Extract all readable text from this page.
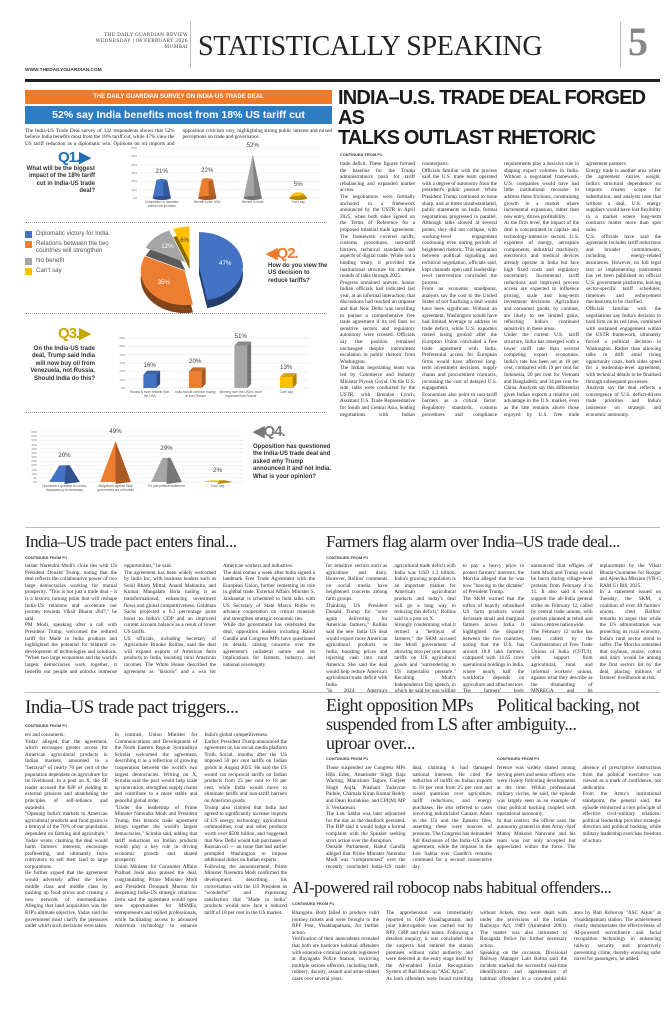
THE DAILY GUARDIAN REVIEW
WEDNESDAY | 04 FEBRUARY 2026
MUMBAI
WWW.THEDAILYGUARDIAN.COM
STATISTICALLY SPEAKING 5
THE DAILY GUARDIAN SURVEY ON INDIA-US TRADE DEAL
52% say India benefits most from 18% US tariff cut
The India-US Trade Deal survey of 132 respondents shows that 52% believe India benefits most from the 18% tariff cut, while 47% view the US tariff reduction as a diplomatic win. Opinions on oil imports and opposition criticism vary, highlighting strong public interest and mixed perceptions on trade and governance.
Q1.▶
What will be the biggest impact of the 18% tariff cut in India-US trade deal?
0%
10%
20%
30%
40%
50%
60%
21%
Competition in domestic market will increase
22%
Benefit to the USA
52%
Benefit to India
5%
Can't say
Diplomatic victory for India
Relations between the two countries will strengthen
No benefit
Can't say
47%
35%
12%
6%
◀Q2.
How do you view the US decision to reduce tariffs?
Q3.▶
On the India-US trade deal, Trump said India will now buy oil from Venezuela, not Russia. Should India do this?
0%
10%
20%
30%
40%
50%
60%
16%
Russia is more reliable than the USA
20%
India should continue buying oil from Russia
51%
Winning over the USA is more important than Russia
13%
Can't say
0%
5%
10%
15%
20%
25%
30%
35%
40%
45%
50%
55%
60%
20%
Opposition's question is correct, transparency is necessary
49%
Allegations against Modi government are old habits
29%
It's just political statement
2%
Can't say
◀Q4.
Opposition has questioned the India-US trade deal and asked why Trump announced it and not India. What is your opinion?
INDIA–U.S. TRADE DEAL FORGED AS
TALKS OUTLAST RHETORIC
CONTINUED FROM P1
trade deficit. These figures formed the baseline for the Trump administration's push for tariff rebalancing and expanded market access.
The negotiations were formally anchored in a framework announced by the USTR in April 2025, when both sides agreed on the Terms of Reference for a proposed bilateral trade agreement. The framework covered tariffs, customs procedures, non-tariff barriers, technical standards and aspects of digital trade. While not a binding treaty, it provided the institutional structure for multiple rounds of talks through 2025.
Progress remained uneven. Senior Indian officials had indicated last year, at an informal interaction, that discussions had reached an impasse and that New Delhi was unwilling to pursue a comprehensive free trade agreement if its red lines on sensitive sectors and regulatory autonomy were crossed. Officials say that position remained unchanged despite intermittent escalation in public rhetoric from Washington.
The Indian negotiating team was led by Commerce and Industry Minister Piyush Goyal. On the U.S. side, talks were conducted by the USTR, with Brendan Lynch, Assistant U.S. Trade Representative for South and Central Asia, leading negotiations with Indian counterparts.
Officials familiar with the process said the U.S. trade team operated with a degree of autonomy from the president's public posture. While President Trump continued to issue sharp, and at times unsubstantiated, public statements on India, formal negotiations progressed in parallel. Although talks slowed at several points, they did not collapse, with working-level engagement continuing even during periods of heightened rhetoric. This separation between political signalling and technical negotiation, officials said, kept channels open until leadership-level intervention concluded the process.
From an economic standpoint, analysts say the cost to the United States of not finalising a deal would have been significant. Without an agreement, Washington would have had limited leverage to address its trade deficit, while U.S. exporters risked losing ground after the European Union concluded a free trade agreement with India. Preferential access for European firms would have affected long-term investment decisions, supply chains and procurement contracts, increasing the cost of delayed U.S. engagement.
Economists also point to non-tariff barriers as a critical factor. Regulatory standards, customs procedures and compliance requirements play a decisive role in shaping export volumes in India. Without a negotiated framework, U.S. companies would have had little institutional recourse to address these frictions, constraining growth in a market where incremental expansion, rather than new entry, drives profitability.
At the firm level, the impact of the deal is concentrated in capital- and technology-intensive sectors. U.S. exporters of energy, aerospace components, industrial machinery, electronics and medical devices already operate in India but face high fixed costs and regulatory uncertainty. Incremental tariff reductions and improved process access are expected to influence pricing, scale and long-term investment decisions. Agriculture and consumer goods, by contrast, are likely to see limited gains, reflecting India's continued sensitivity in these areas.
Under the current U.S. tariff structure, India has emerged with a lower tariff rate than several competing export economies. India's rate has been set at 18 per cent, compared with 19 per cent for Indonesia, 20 per cent for Vietnam and Bangladesh, and 34 per cent for China. Analysts say this differential gives Indian exports a relative cost advantage in the U.S. market, even as the rate remains above those enjoyed by U.S. free trade agreement partners.
Energy trade is another area where the agreement carries weight. India's structural dependence on imports creates scope for substitution, and analysts note that without a deal, U.S. energy suppliers would have lost flexibility in a market where long-term contracts matter more than spot sales.
U.S. officials have said the agreement includes tariff reductions and broader commitments, including energy-related assurances. However, no full legal text or implementing instrument has yet been published on official U.S. government platforms, leaving sector-specific tariff schedules, timelines and enforcement mechanisms to be clarified.
Officials familiar with the negotiations say India's decision to hold firm on its red lines, combined with sustained engagement within the USTR framework, ultimately forced a political decision in Washington. Rather than allowing talks to drift amid rising opportunity costs, both sides opted for a leadership-level agreement, with technical details to be finalised through subsequent processes.
Analysts say the deal reflects a convergence of U.S. deficit-driven trade priorities and India's insistence on strategic and economic autonomy.
India–US trade pact enters final...
CONTINUED FROM P1
inister Narendra Modi's close ties with US President Donald Trump, noting that the deal reflects the collaborative power of two large democracies working for mutual prosperity. "This is not just a trade deal – it is a historic turning point that will reshape India-US relations and accelerate our journey towards Viksit Bharat 2047," he said.
PM Modi, speaking after a call with President Trump, welcomed the reduced tariff for Made in India products and highlighted the potential for bilateral co-development of technologies and solutions. "When two large economies and the world's largest democracies work together, it benefits our people and unlocks immense opportunities," he said.
The agreement has been widely welcomed by India Inc, with business leaders such as Sunil Bharti Mittal, Anand Mahindra, and Kumar Mangalam Birla hailing it as transformational, enhancing investment flows and global competitiveness. Goldman Sachs projected a 0.2 percentage point boost to India's GDP and an improved current account balance as a result of lower US tariffs.
US officials, including Secretary of Agriculture Brooke Rollins, said the deal will expand exports of American farm products to India, boosting rural American incomes. The White House described the agreement as "historic" and a win for American workers and industries.
The deal comes a week after India signed a landmark Free Trade Agreement with the European Union, further cementing its role in global trade. External Affairs Minister S. Jaishankar is scheduled to hold talks with US Secretary of State Marco Rubio to advance cooperation on critical minerals and strengthen strategic economic ties.
While the government has celebrated the deal, opposition leaders including Rahul Gandhi and Congress MPs have questioned its details, raising concerns over the agreement's unilateral nature and its implications for farmers, industry, and national sovereignty.
Farmers flag alarm over India–US trade deal...
CONTINUED FROM P1
for sensitive sectors such as agriculture and dairy. However, Rollins' comments on social media have heightened concerns among farm groups.
Thanking US President Donald Trump for "once again delivering for American farmers," Rollins said the new India US deal would export more American agricultural products to India, boosting prices and injecting cash into rural America. She said the deal would help reduce America's agricultural trade deficit with India.
"In 2024, America's agricultural trade deficit with India was USD 1.3 billion. India's growing population is an important market for American agricultural products and today's deal will go a long way to reducing this deficit," Rollins said in a post on X.
Strongly condemning what it termed a "betrayal of farmers," the SKM accused the Modi government of allowing zero per cent import tariffs on US agricultural goods and "surrendering to US imperialist pressure." Recalling Modi's Independence Day speech, in which he said he was willing to pay a heavy price to protect farmers' interests, the Morcha alleged that he was now "bowing to the dictates" of President Trump.
The SKM warned that the influx of heavily subsidised US farm products would devastate small and marginal farmers across India. It highlighted the disparity between the two countries, noting that the U.S. has around 18.8 lakh farmers, compared with 14.65 crore operational holdings in India, where nearly half the workforce depends on agriculture and allied sectors.
The farmers' body announced that effigies of both Modi and Trump would be burnt during village-level protests from February 4 to 11. It also said it would support the all-India general strike on February 12, called by central trade unions, with protests planned at tehsil and union centres nationwide.
The February 12 strike has been called by the Confederation of Free Trade Unions of India (CFTUI), with support from agricultural, rural and informal workers' unions, against what they describe as the dismantling of MNREGA and its replacement by the Viksit Bharat-Guarantee for Rozgar and Ajeevika Mission (VB-G RAM G) Bill, 2025.
In a statement issued on Tuesday, the SKM, a coalition of over 40 farmers' unions, cited Rollins' remarks to argue that while the US administration was protecting its rural economy, India's rural sector stood to suffer. The Morcha reiterated that soybean, maize, cotton and dairy would be among the first sectors hit by the deal, placing millions of farmers' livelihoods at risk.
India–US trade pact triggers...
CONTINUED FROM P1
ers and consumers.
Yadav alleged that the agreement, which envisages greater access for American agricultural products in Indian markets, amounted to a "betrayal" of nearly 70 per cent of the population dependent on agriculture for its livelihood. In a post on X, the SP leader accused the BJP of yielding to external pressure and abandoning the principles of self-reliance and swadeshi.
"Opening India's markets to American agricultural products and food grains is a betrayal of the 70% of our population dependent on farming and agriculture," Yadav wrote, claiming the deal would harm farmers' interests, encourage profiteering, and ultimately force cultivators to sell their land to large corporations.
He further argued that the agreement would adversely affect the lower middle class and middle class by pushing up food prices and creating a new network of intermediaries. Alleging that land acquisition was the BJP's ultimate objective, Yadav said the government must clarify the pressures under which such decisions were taken.
In contrast, Union Minister for Communications and Development of the North Eastern Region Jyotiraditya Scindia welcomed the agreement, describing it as a reflection of growing cooperation between the world's two largest democracies. Writing on X, Scindia said the pact would help scale up innovation, strengthen supply chains and contribute to a more stable and peaceful global order.
"Under the leadership of Prime Minister Narendra Modi and President Trump, this historic trade agreement brings together the world's largest democracies," Scindia said, adding that tariff reductions on Indian products would play a key role in driving economic growth and shared prosperity.
Union Minister for Consumer Affairs Pralhad Joshi also praised the deal, congratulating Prime Minister Modi and President Droupadi Murmu for deepening India-US strategic relations. Joshi said the agreement would open new opportunities for MSMEs, entrepreneurs and skilled professionals, while facilitating access to advanced American technology to enhance India's global competitiveness.
Earlier, President Trump announced the agreement on his social media platform Truth Social, months after the US imposed 50 per cent tariffs on Indian goods in August 2025. He said the US would cut reciprocal tariffs on Indian products from 25 per cent to 18 per cent, while India would move to eliminate tariffs and non-tariff barriers on American goods.
Trump also claimed that India had agreed to significantly increase imports of US energy, technology, agricultural commodities, coal and other products worth over $500 billion, and suggested that New Delhi would halt purchases of Russian oil — an issue that had earlier prompted Washington to impose additional duties on Indian exports.
Following the announcement, Prime Minister Narendra Modi confirmed the development, describing his conversation with the US President as "wonderful" and expressing satisfaction that "Made in India" products would now face a reduced tariff of 18 per cent in the US market.
Eight opposition MPs suspended from LS after uproar over...
CONTINUED FROM P1
Those suspended are Congress MPs Hibi Eden, Amarinder Singh Raja Warring, Manickam Tagore, Gurjeet Singh Aujla, Prashant Yadavrao Padole, Chamala Kiran Kumar Reddy and Dean Kuriakose, and CPI(M) MP S. Venkatesan.
The Lok Sabha was later adjourned for the day as the deadlock persisted. The BJP said it would lodge a formal complaint with the Speaker seeking strict action over the disruption.
Outside Parliament, Rahul Gandhi alleged that Prime Minister Narendra Modi was "compromised" over the recently concluded India–US trade deal, claiming it had damaged national interests. He cited the reduction of tariffs on Indian exports to 18 per cent from 25 per cent and raised questions over agriculture, tariff reductions, and energy purchases. He also referred to cases involving industrialist Gautam Adani in the US and the Epstein files, asserting these were sources of pressure. The Congress has demanded full disclosure of the India–US trade agreement, while the impasse in the Lok Sabha over Gandhi's remarks continued for a second consecutive day.
Political backing, not ambiguity...
CONTINUED FROM P1
ference was widely shared among serving peers and senior officers who were closely following developments at the time. Within professional military circles, he said, the episode was largely seen as an example of clear political backing coupled with operational autonomy.
In that context, the officer said, the autonomy granted to then Army chief Manoj Mukund Naravane and his team was not only accepted but appreciated within the force. The absence of prescriptive instructions from the political executive was viewed as a mark of confidence, not abdication.
From the Army's institutional standpoint, the general said, the episode reinforced a core principle of effective civil–military relations: political leadership provides strategic direction and political backing, while military leadership exercises freedom of action.
AI-powered rail robocop nabs habitual offenders...
CONTINUED FROM P1
Bhangaru. Both failed to produce valid journey tickets and were brought to the RPF Post, Visakhapatnam, for further action.
Verification of their antecedents revealed that both are hardcore habitual offenders with extensive criminal records registered at Rayagada Police Station, involving multiple serious offences, including theft, robbery, dacoity, assault and arms-related cases over several years.
The apprehension was immediately reported to GRP Visakhapatnam, and joint interrogation was carried out by RPF, GRP and their teams. Following a detailed enquiry, it was concluded that the suspects had entered the station premises without valid authority and were detected at the entry stage itself by the AI-enabled Facial Recognition System of Rail Robocop "ASC Arjun".
As both offenders were found travelling without tickets, they were dealt with under the provisions of the Indian Railways Act, 1989 (Amended 2003). The matter was also intimated to Rayagada Police for further necessary action.
Speaking on the occasion, Divisional Railway Manager Lalit Bohra said the incident marked the successful real-time identification and apprehension of habitual offenders in a crowded public area by Rail Robocop "ASC Arjun" at Visakhapatnam station. The achievement clearly demonstrates the effectiveness of AI-powered surveillance and facial recognition technology in enhancing railway security and proactively preventing crime, thereby ensuring safer travel for passengers, he added.
